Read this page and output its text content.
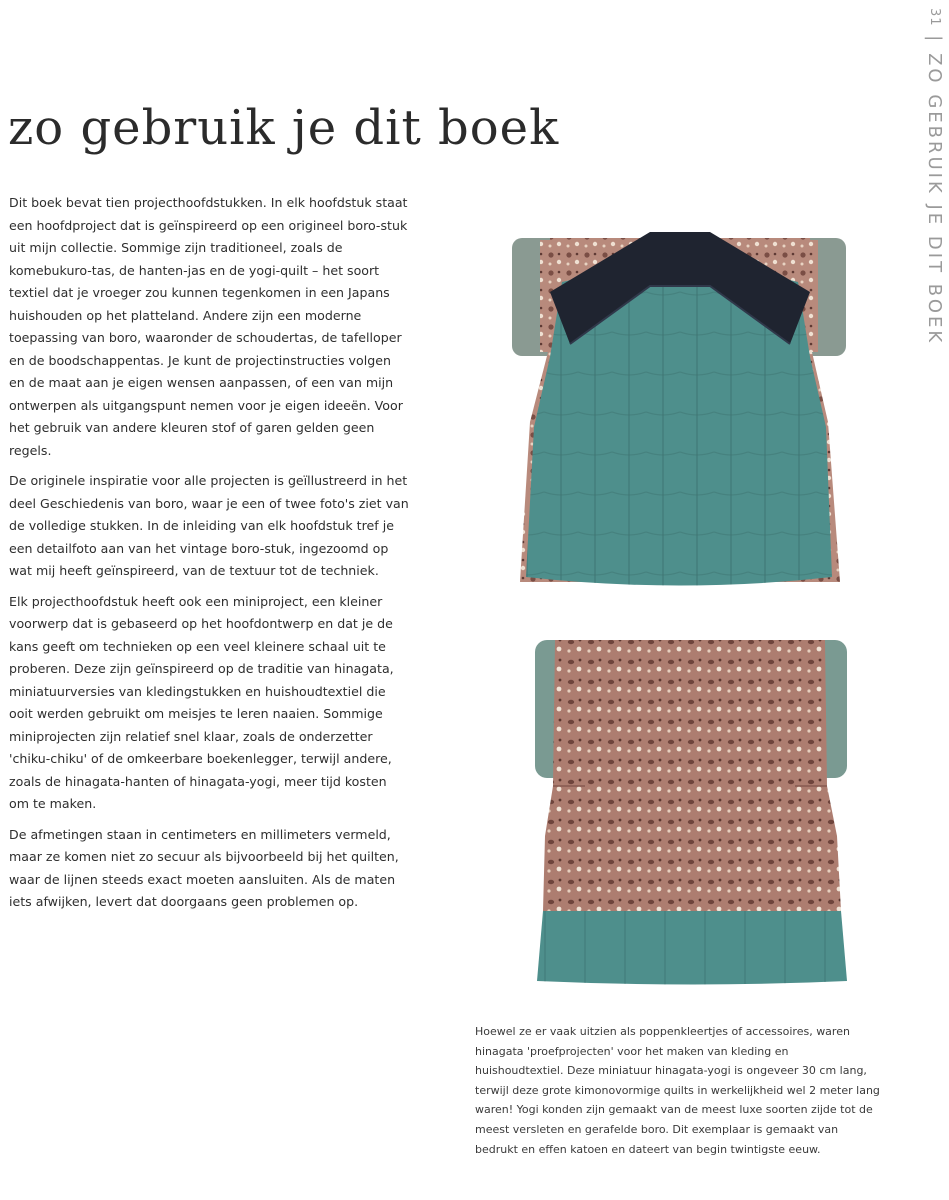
31 | ZO GEBRUIK JE DIT BOEK
zo gebruik je dit boek

Dit boek bevat tien projecthoofdstukken. In elk hoofdstuk staat een hoofdproject dat is geïnspireerd op een origineel boro-stuk uit mijn collectie. Sommige zijn traditioneel, zoals de komebukuro-tas, de hanten-jas en de yogi-quilt – het soort textiel dat je vroeger zou kunnen tegenkomen in een Japans huishouden op het platteland. Andere zijn een moderne toepassing van boro, waaronder de schoudertas, de tafelloper en de boodschappentas. Je kunt de projectinstructies volgen en de maat aan je eigen wensen aanpassen, of een van mijn ontwerpen als uitgangspunt nemen voor je eigen ideeën. Voor het gebruik van andere kleuren stof of garen gelden geen regels.

De originele inspiratie voor alle projecten is geïllustreerd in het deel Geschiedenis van boro, waar je een of twee foto's ziet van de volledige stukken. In de inleiding van elk hoofdstuk tref je een detailfoto aan van het vintage boro-stuk, ingezoomd op wat mij heeft geïnspireerd, van de textuur tot de techniek.

Elk projecthoofdstuk heeft ook een miniproject, een kleiner voorwerp dat is gebaseerd op het hoofdontwerp en dat je de kans geeft om technieken op een veel kleinere schaal uit te proberen. Deze zijn geïnspireerd op de traditie van hinagata, miniatuurversies van kledingstukken en huishoudtextiel die ooit werden gebruikt om meisjes te leren naaien. Sommige miniprojecten zijn relatief snel klaar, zoals de onderzetter 'chiku-chiku' of de omkeerbare boekenlegger, terwijl andere, zoals de hinagata-hanten of hinagata-yogi, meer tijd kosten om te maken.

De afmetingen staan in centimeters en millimeters vermeld, maar ze komen niet zo secuur als bijvoorbeeld bij het quilten, waar de lijnen steeds exact moeten aansluiten. Als de maten iets afwijken, levert dat doorgaans geen problemen op.

Hoewel ze er vaak uitzien als poppenkleertjes of accessoires, waren hinagata 'proefprojecten' voor het maken van kleding en huishoudtextiel. Deze miniatuur hinagata-yogi is ongeveer 30 cm lang, terwijl deze grote kimonovormige quilts in werkelijkheid wel 2 meter lang waren! Yogi konden zijn gemaakt van de meest luxe soorten zijde tot de meest versleten en gerafelde boro. Dit exemplaar is gemaakt van bedrukt en effen katoen en dateert van begin twintigste eeuw.
